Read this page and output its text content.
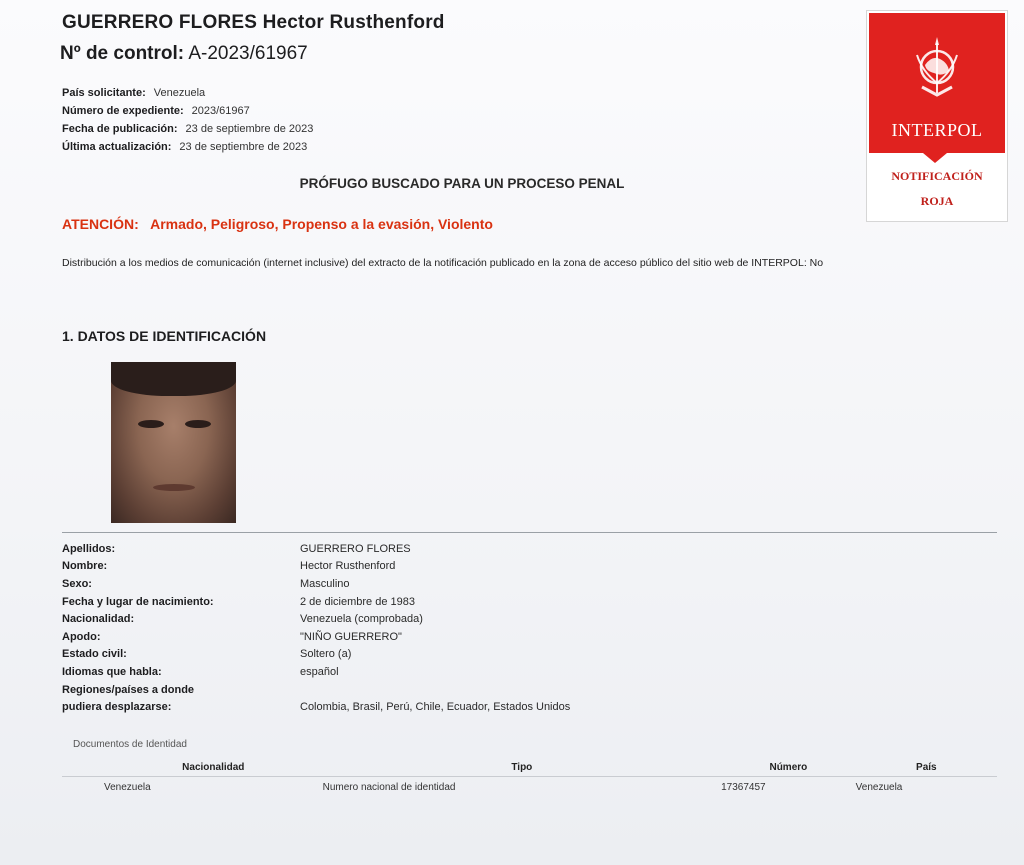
GUERRERO FLORES Hector Rusthenford
Nº de control: A-2023/61967
País solicitante: Venezuela
Número de expediente: 2023/61967
Fecha de publicación: 23 de septiembre de 2023
Última actualización: 23 de septiembre de 2023
PRÓFUGO BUSCADO PARA UN PROCESO PENAL
ATENCIÓN: Armado, Peligroso, Propenso a la evasión, Violento
Distribución a los medios de comunicación (internet inclusive) del extracto de la notificación publicado en la zona de acceso público del sitio web de INTERPOL: No
1. DATOS DE IDENTIFICACIÓN
Apellidos:	GUERRERO FLORES
Nombre:	Hector Rusthenford
Sexo:	Masculino
Fecha y lugar de nacimiento:	2 de diciembre de 1983
Nacionalidad:	Venezuela (comprobada)
Apodo:	"NIÑO GUERRERO"
Estado civil:	Soltero (a)
Idiomas que habla:	español
Regiones/países a donde
pudiera desplazarse:	Colombia, Brasil, Perú, Chile, Ecuador, Estados Unidos
Documentos de Identidad
Nacionalidad	Tipo	Número	País
Venezuela	Numero nacional de identidad	17367457	Venezuela
INTERPOL
NOTIFICACIÓN
ROJA
